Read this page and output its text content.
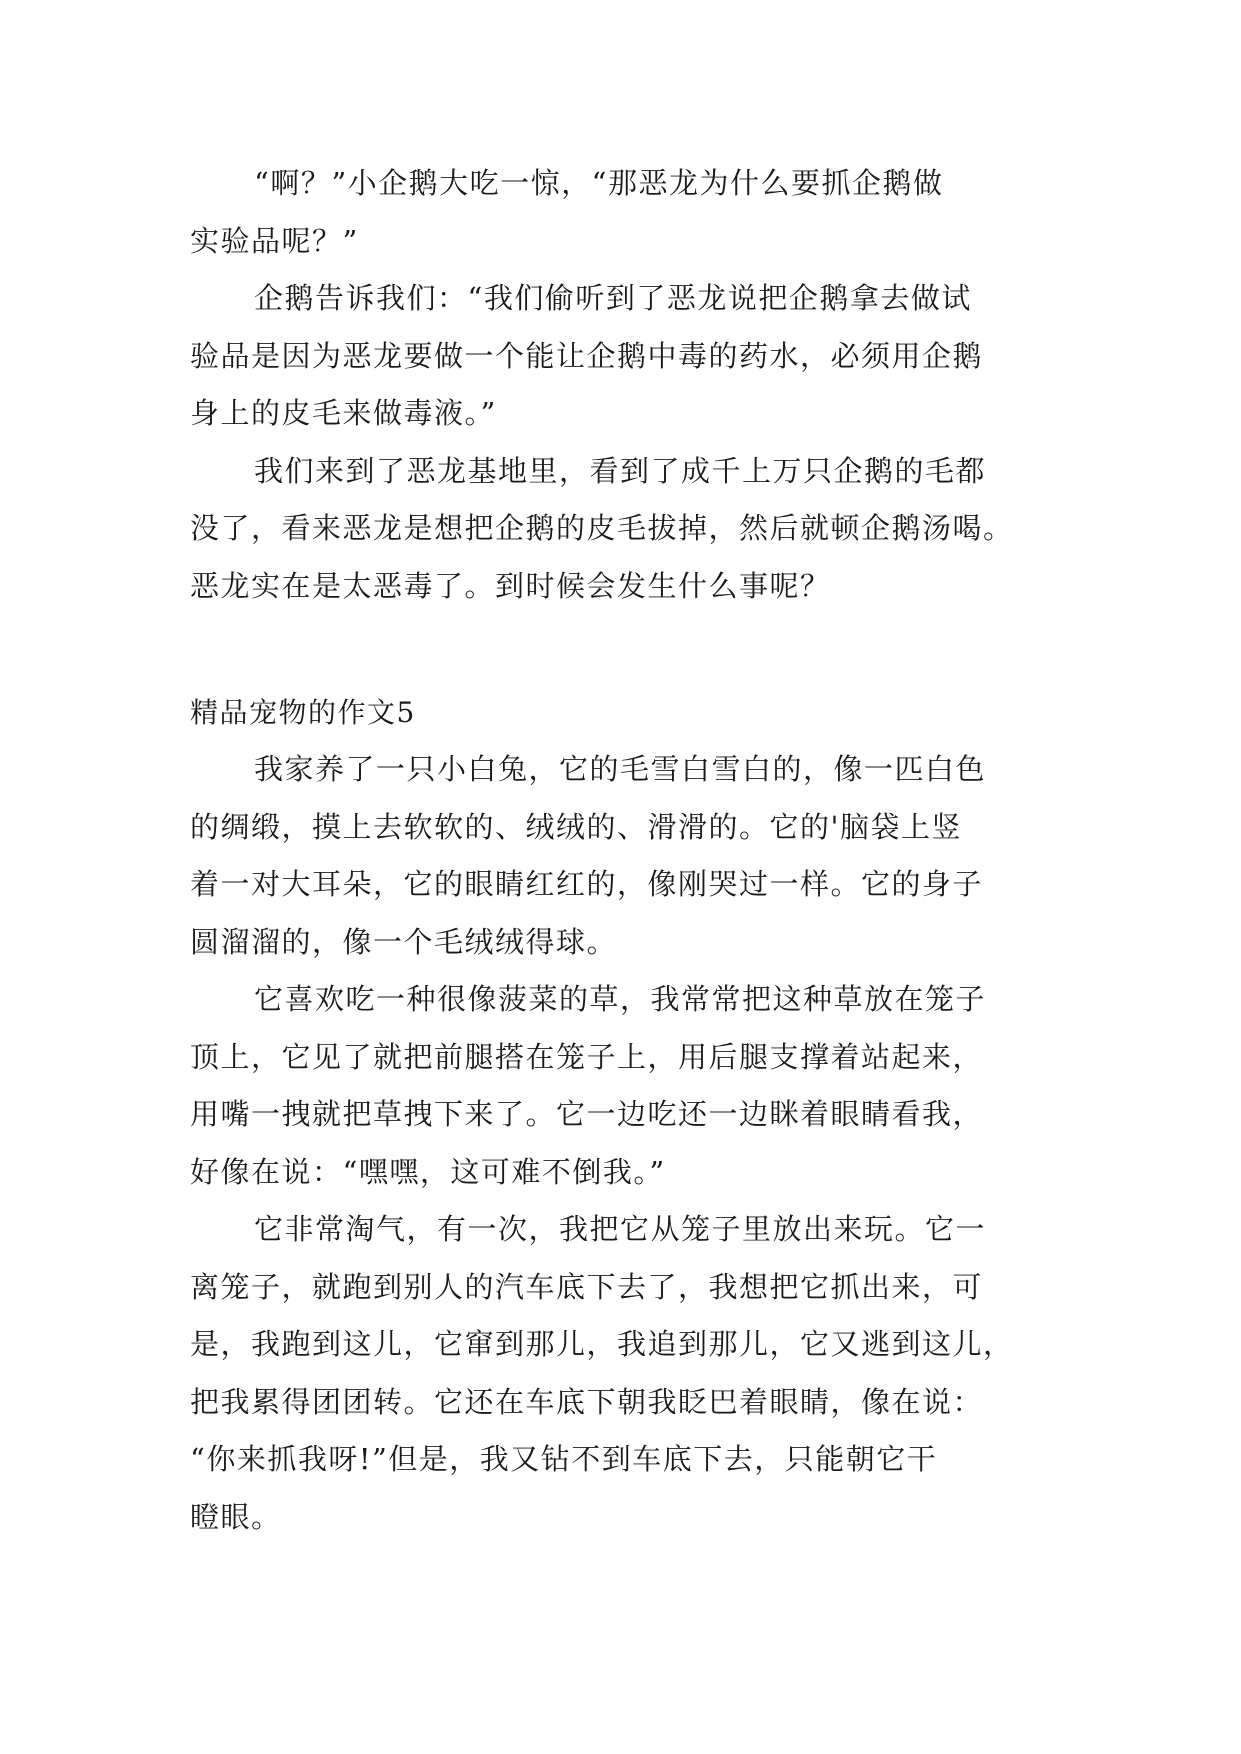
“啊？”小企鹅大吃一惊，“那恶龙为什么要抓企鹅做
实验品呢？”
企鹅告诉我们：“我们偷听到了恶龙说把企鹅拿去做试
验品是因为恶龙要做一个能让企鹅中毒的药水，必须用企鹅
身上的皮毛来做毒液。”
我们来到了恶龙基地里，看到了成千上万只企鹅的毛都
没了，看来恶龙是想把企鹅的皮毛拔掉，然后就顿企鹅汤喝。
恶龙实在是太恶毒了。到时候会发生什么事呢？
精品宠物的作文5
我家养了一只小白兔，它的毛雪白雪白的，像一匹白色
的绸缎，摸上去软软的、绒绒的、滑滑的。它的'脑袋上竖
着一对大耳朵，它的眼睛红红的，像刚哭过一样。它的身子
圆溜溜的，像一个毛绒绒得球。
它喜欢吃一种很像菠菜的草，我常常把这种草放在笼子
顶上，它见了就把前腿搭在笼子上，用后腿支撑着站起来，
用嘴一拽就把草拽下来了。它一边吃还一边眯着眼睛看我，
好像在说：“嘿嘿，这可难不倒我。”
它非常淘气，有一次，我把它从笼子里放出来玩。它一
离笼子，就跑到别人的汽车底下去了，我想把它抓出来，可
是，我跑到这儿，它窜到那儿，我追到那儿，它又逃到这儿，
把我累得团团转。它还在车底下朝我眨巴着眼睛，像在说：
“你来抓我呀!”但是，我又钻不到车底下去，只能朝它干
瞪眼。
